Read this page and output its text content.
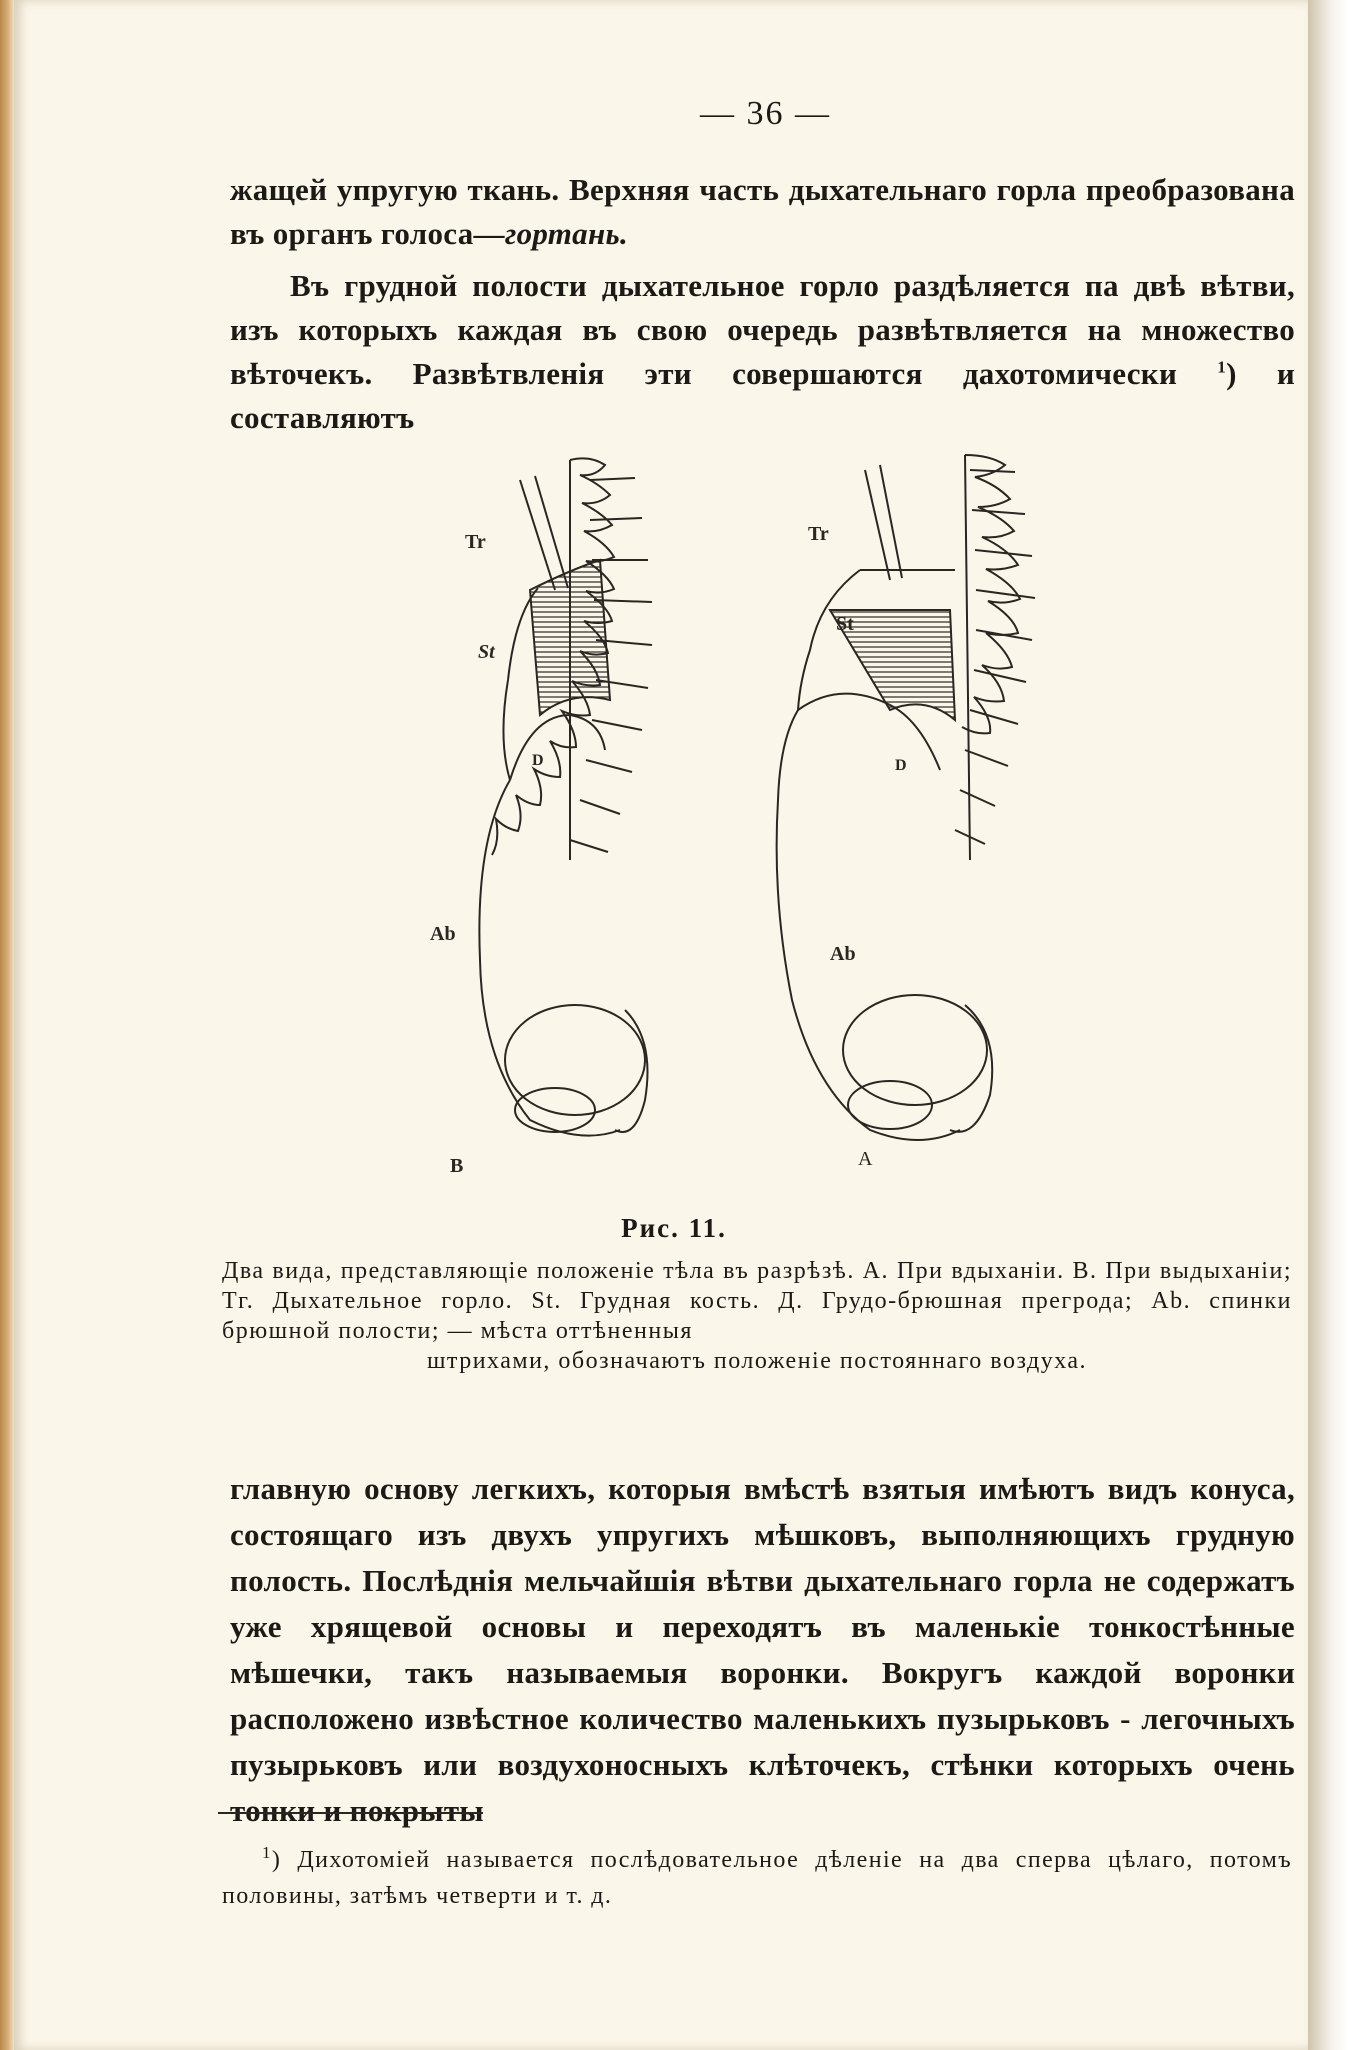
— 36 —
жащей упругую ткань. Верхняя часть дыхательнаго горла преобразована въ органъ голоса—гортань.
Въ грудной полости дыхательное горло раздѣляется па двѣ вѣтви, изъ которыхъ каждая въ свою очередь развѣтвляется на множество вѣточекъ. Развѣтвленія эти совершаются дахотомически $^1$) и составляютъ
Tr
St
D
Ab
B
Tr
St
D
Ab
A
Рис. 11.
Два вида, представляющіе положеніе тѣла въ разрѣзѣ. А. При вдыханіи. В. При выдыханіи; Тг. Дыхательное горло. St. Грудная кость. Д. Грудо-брюшная прегрода; Ab. спинки брюшной полости; — мѣста оттѣненныя
штрихами, обозначаютъ положеніе постояннаго воздуха.
главную основу легкихъ, которыя вмѣстѣ взятыя имѣютъ видъ конуса, состоящаго изъ двухъ упругихъ мѣшковъ, выполняющихъ грудную полость. Послѣднія мельчайшія вѣтви дыхательнаго горла не содержатъ уже хрящевой основы и переходятъ въ маленькіе тонкостѣнные мѣшечки, такъ называемыя воронки. Вокругъ каждой воронки расположено извѣстное количество маленькихъ пузырьковъ - легочныхъ пузырьковъ или воздухоносныхъ клѣточекъ, стѣнки которыхъ очень тонки и покрыты
$^1$) Дихотоміей называется послѣдовательное дѣленіе на два сперва цѣлаго, потомъ половины, затѣмъ четверти и т. д.
